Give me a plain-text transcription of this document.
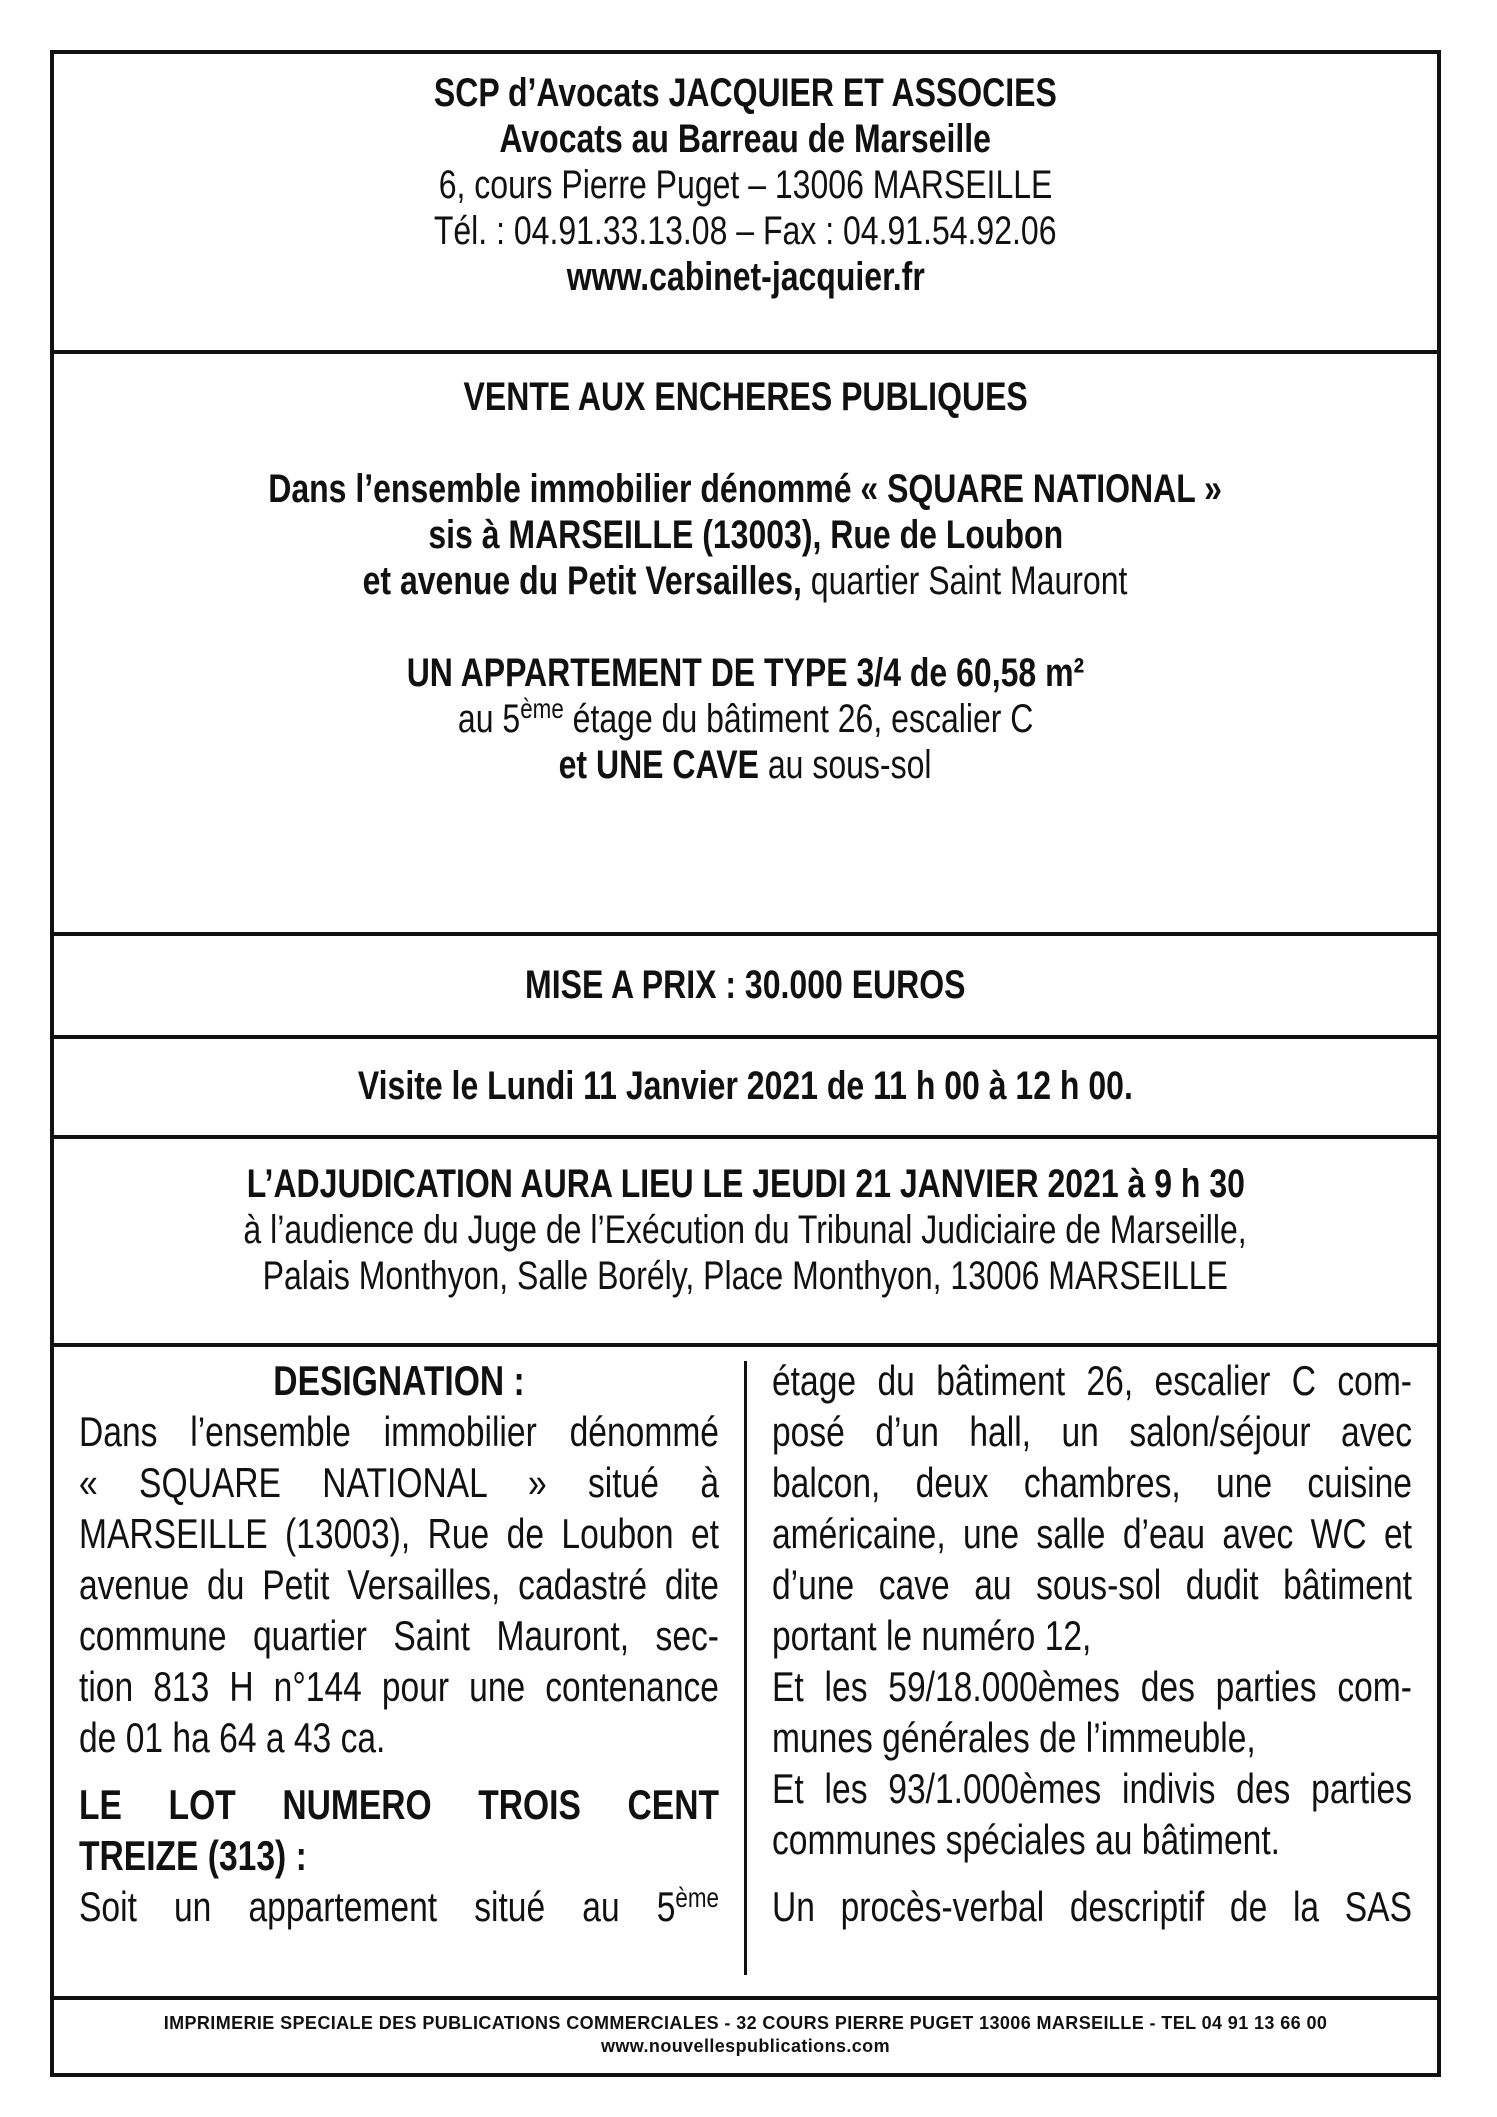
SCP d’Avocats JACQUIER ET ASSOCIES
Avocats au Barreau de Marseille
6, cours Pierre Puget – 13006 MARSEILLE
Tél. : 04.91.33.13.08 – Fax : 04.91.54.92.06
www.cabinet-jacquier.fr
VENTE AUX ENCHERES PUBLIQUES
Dans l’ensemble immobilier dénommé « SQUARE NATIONAL »
sis à MARSEILLE (13003), Rue de Loubon
et avenue du Petit Versailles, quartier Saint Mauront
UN APPARTEMENT DE TYPE 3/4 de 60,58 m²
au 5ème étage du bâtiment 26, escalier C
et UNE CAVE au sous-sol
MISE A PRIX : 30.000 EUROS
Visite le Lundi 11 Janvier 2021 de 11 h 00 à 12 h 00.
L’ADJUDICATION AURA LIEU LE JEUDI 21 JANVIER 2021 à 9 h 30
à l’audience du Juge de l’Exécution du Tribunal Judiciaire de Marseille,
Palais Monthyon, Salle Borély, Place Monthyon, 13006 MARSEILLE
DESIGNATION :
Dans l’ensemble immobilier dénommé
« SQUARE NATIONAL » situé à
MARSEILLE (13003), Rue de Loubon et
avenue du Petit Versailles, cadastré dite
commune quartier Saint Mauront, sec-
tion 813 H n°144 pour une contenance
de 01 ha 64 a 43 ca.
LE LOT NUMERO TROIS CENT
TREIZE (313) :
Soit un appartement situé au 5ème
étage du bâtiment 26, escalier C com-
posé d’un hall, un salon/séjour avec
balcon, deux chambres, une cuisine
américaine, une salle d’eau avec WC et
d’une cave au sous-sol dudit bâtiment
portant le numéro 12,
Et les 59/18.000èmes des parties com-
munes générales de l’immeuble,
Et les 93/1.000èmes indivis des parties
communes spéciales au bâtiment.
Un procès-verbal descriptif de la SAS
IMPRIMERIE SPECIALE DES PUBLICATIONS COMMERCIALES - 32 COURS PIERRE PUGET 13006 MARSEILLE - TEL 04 91 13 66 00
www.nouvellespublications.com
